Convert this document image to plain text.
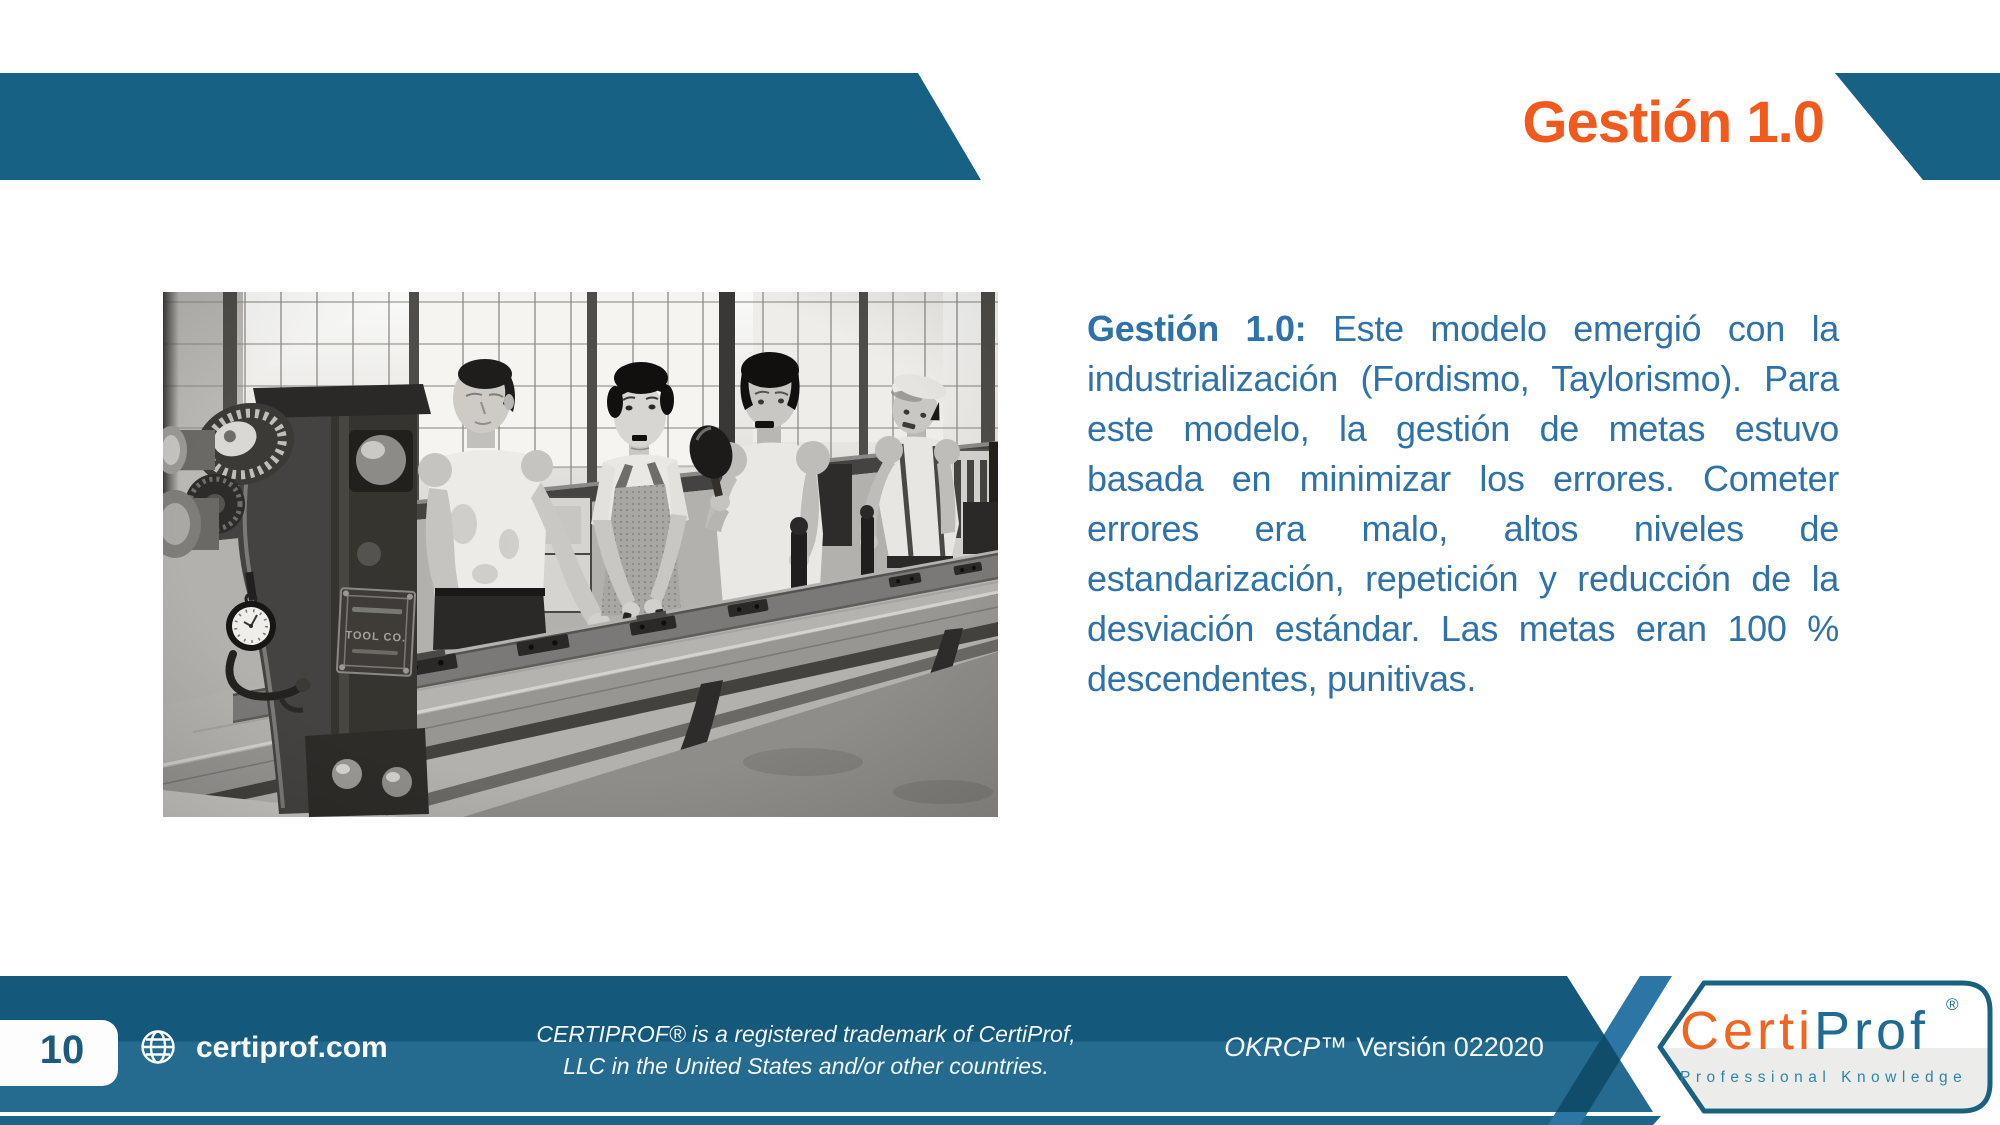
Gestión 1.0
Gestión 1.0: Este modelo emergió con la industrialización (Fordismo, Taylorismo). Para este modelo, la gestión de metas estuvo basada en minimizar los errores. Cometer errores era malo, altos niveles de estandarización, repetición y reducción de la desviación estándar. Las metas eran 100 % descendentes, punitivas.
10	certiprof.com	CERTIPROF® is a registered trademark of CertiProf,
LLC in the United States and/or other countries.
OKRCP™ Versión 022020	CertiProf ®
Professional Knowledge
